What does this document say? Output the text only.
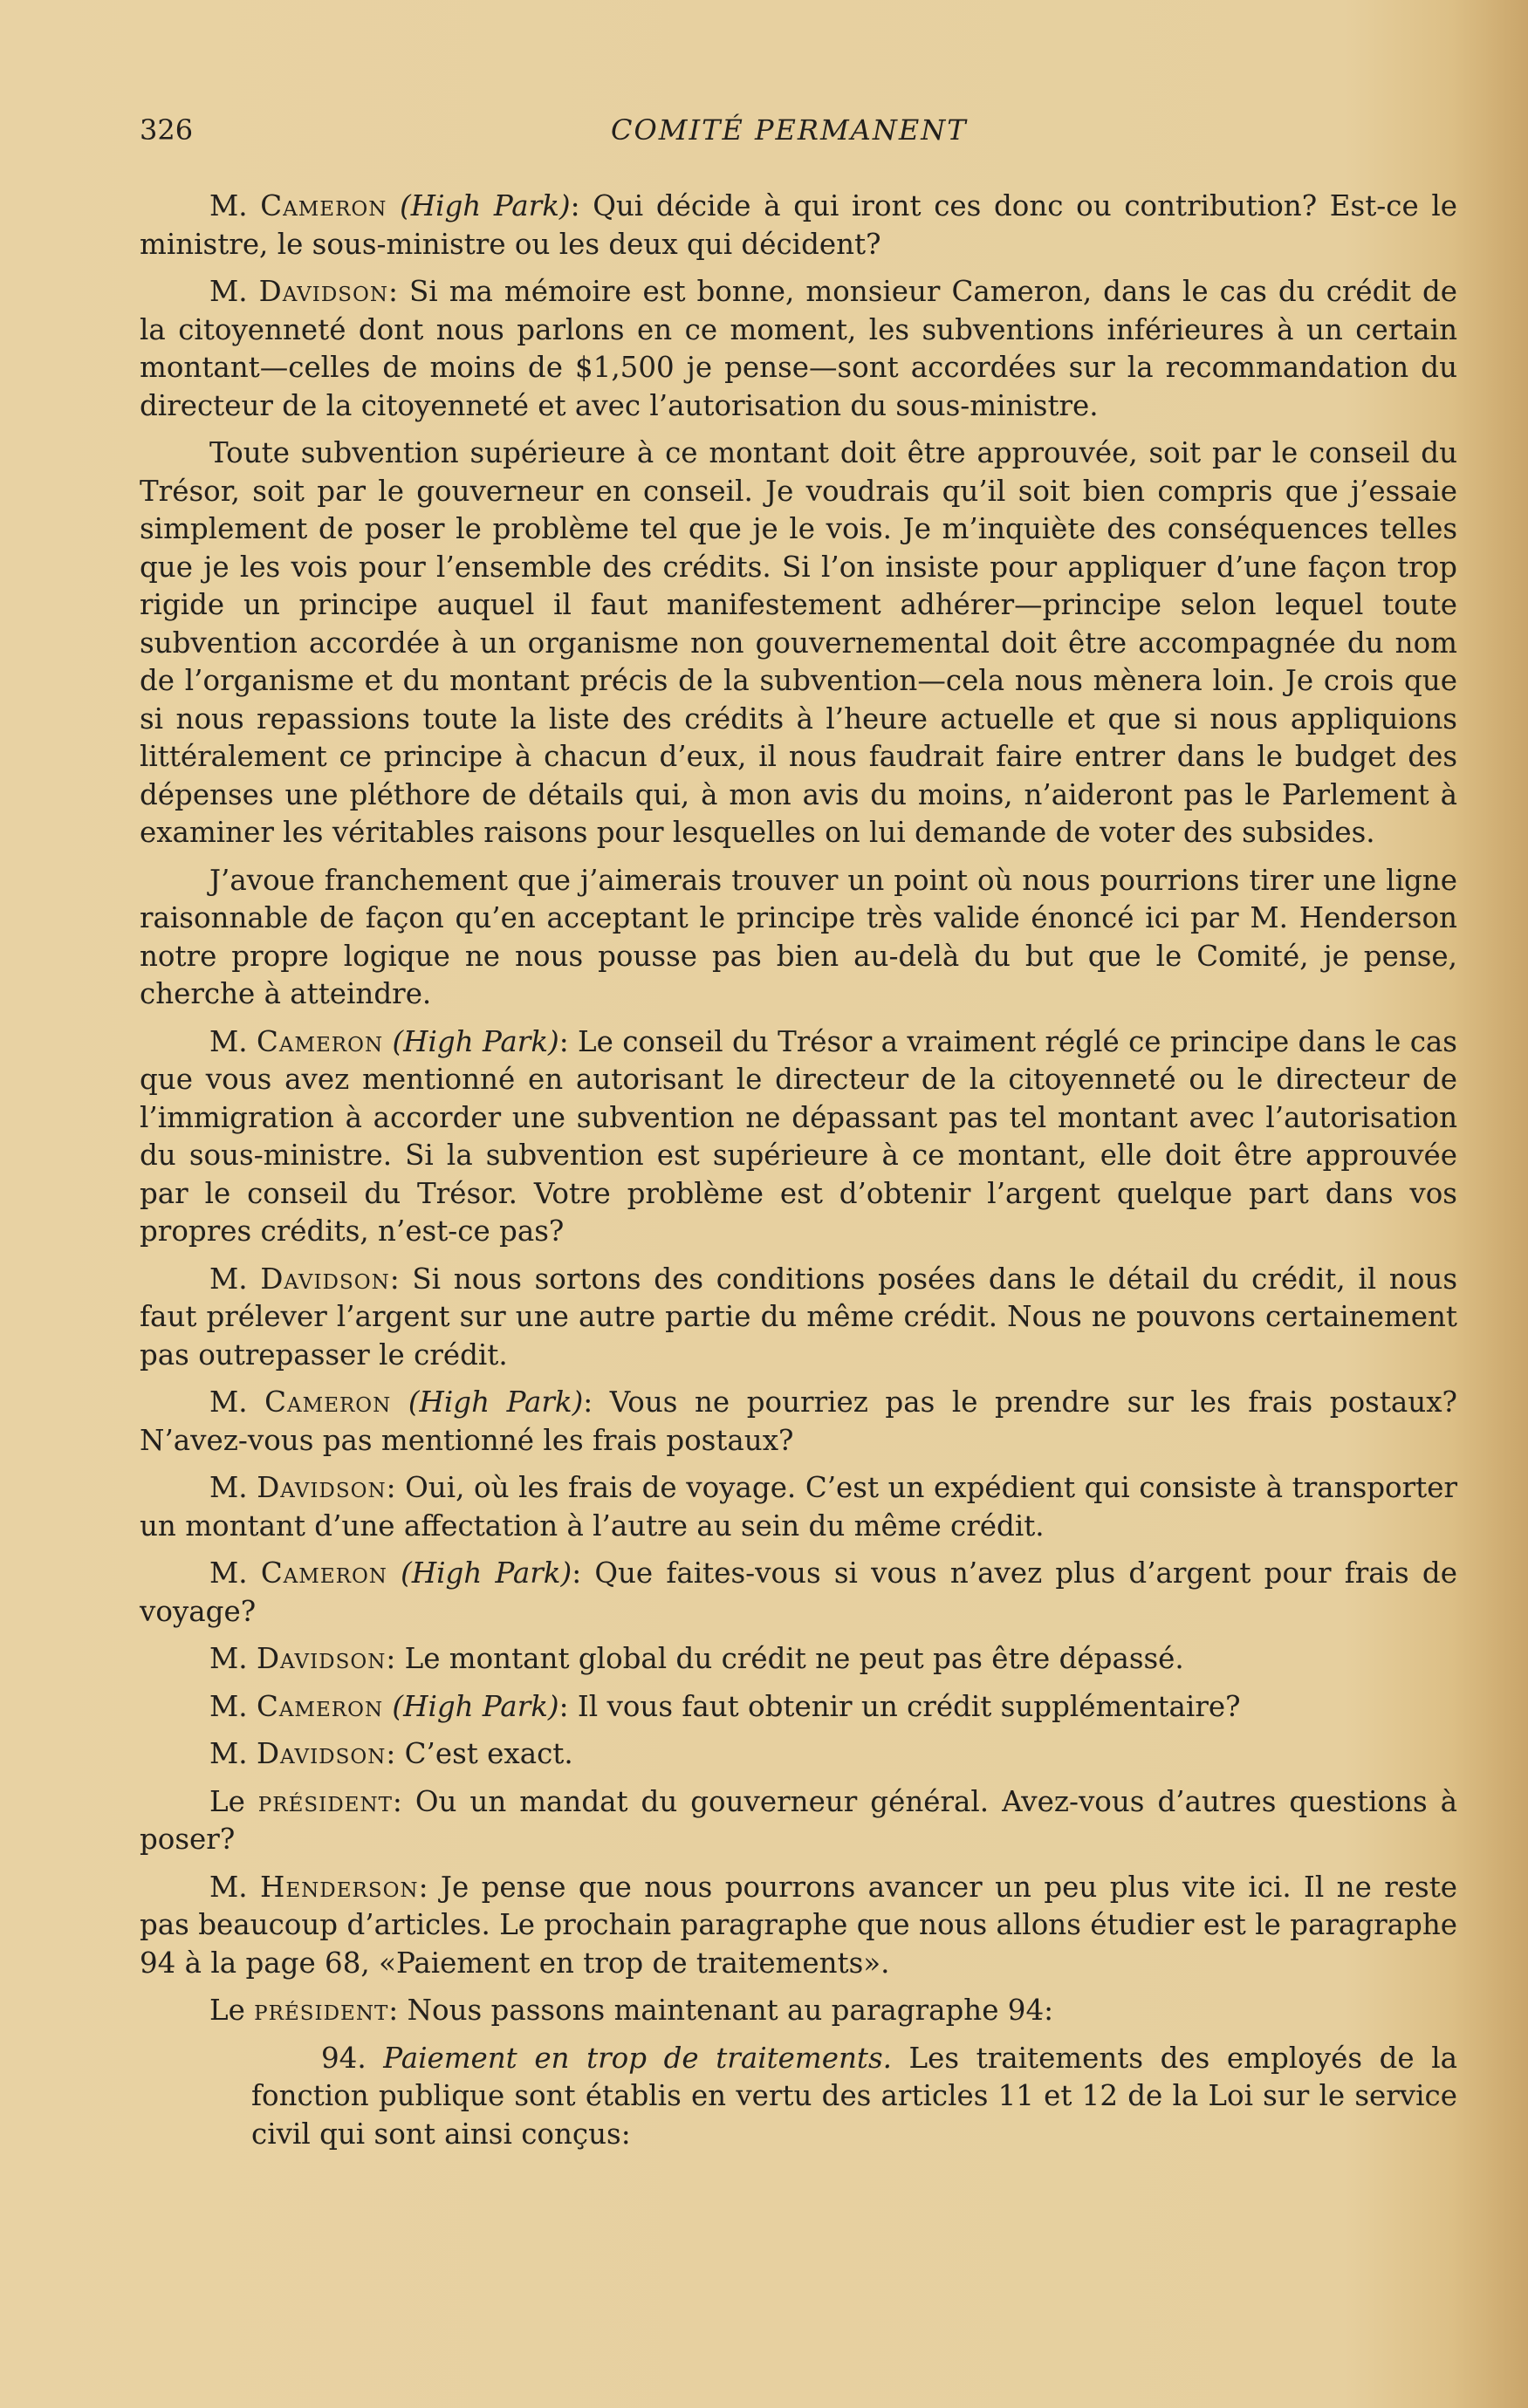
326	COMITÉ PERMANENT

M. Cameron (High Park): Qui décide à qui iront ces donc ou contribution? Est-ce le ministre, le sous-ministre ou les deux qui décident?

M. Davidson: Si ma mémoire est bonne, monsieur Cameron, dans le cas du crédit de la citoyenneté dont nous parlons en ce moment, les subventions inférieures à un certain montant—celles de moins de $1,500 je pense—sont accordées sur la recommandation du directeur de la citoyenneté et avec l’autorisation du sous-ministre.

Toute subvention supérieure à ce montant doit être approuvée, soit par le conseil du Trésor, soit par le gouverneur en conseil. Je voudrais qu’il soit bien compris que j’essaie simplement de poser le problème tel que je le vois. Je m’inquiète des conséquences telles que je les vois pour l’ensemble des crédits. Si l’on insiste pour appliquer d’une façon trop rigide un principe auquel il faut manifestement adhérer—principe selon lequel toute subvention accordée à un organisme non gouvernemental doit être accompagnée du nom de l’organisme et du montant précis de la subvention—cela nous mènera loin. Je crois que si nous repassions toute la liste des crédits à l’heure actuelle et que si nous appliquions littéralement ce principe à chacun d’eux, il nous faudrait faire entrer dans le budget des dépenses une pléthore de détails qui, à mon avis du moins, n’aideront pas le Parlement à examiner les véritables raisons pour lesquelles on lui demande de voter des subsides.

J’avoue franchement que j’aimerais trouver un point où nous pourrions tirer une ligne raisonnable de façon qu’en acceptant le principe très valide énoncé ici par M. Henderson notre propre logique ne nous pousse pas bien au-delà du but que le Comité, je pense, cherche à atteindre.

M. Cameron (High Park): Le conseil du Trésor a vraiment réglé ce principe dans le cas que vous avez mentionné en autorisant le directeur de la citoyenneté ou le directeur de l’immigration à accorder une subvention ne dépassant pas tel montant avec l’autorisation du sous-ministre. Si la subvention est supérieure à ce montant, elle doit être approuvée par le conseil du Trésor. Votre problème est d’obtenir l’argent quelque part dans vos propres crédits, n’est-ce pas?

M. Davidson: Si nous sortons des conditions posées dans le détail du crédit, il nous faut prélever l’argent sur une autre partie du même crédit. Nous ne pouvons certainement pas outrepasser le crédit.

M. Cameron (High Park): Vous ne pourriez pas le prendre sur les frais postaux? N’avez-vous pas mentionné les frais postaux?

M. Davidson: Oui, où les frais de voyage. C’est un expédient qui consiste à transporter un montant d’une affectation à l’autre au sein du même crédit.

M. Cameron (High Park): Que faites-vous si vous n’avez plus d’argent pour frais de voyage?

M. Davidson: Le montant global du crédit ne peut pas être dépassé.

M. Cameron (High Park): Il vous faut obtenir un crédit supplémentaire?

M. Davidson: C’est exact.

Le président: Ou un mandat du gouverneur général. Avez-vous d’autres questions à poser?

M. Henderson: Je pense que nous pourrons avancer un peu plus vite ici. Il ne reste pas beaucoup d’articles. Le prochain paragraphe que nous allons étudier est le paragraphe 94 à la page 68, «Paiement en trop de traitements».

Le président: Nous passons maintenant au paragraphe 94:

94. Paiement en trop de traitements. Les traitements des employés de la fonction publique sont établis en vertu des articles 11 et 12 de la Loi sur le service civil qui sont ainsi conçus:
